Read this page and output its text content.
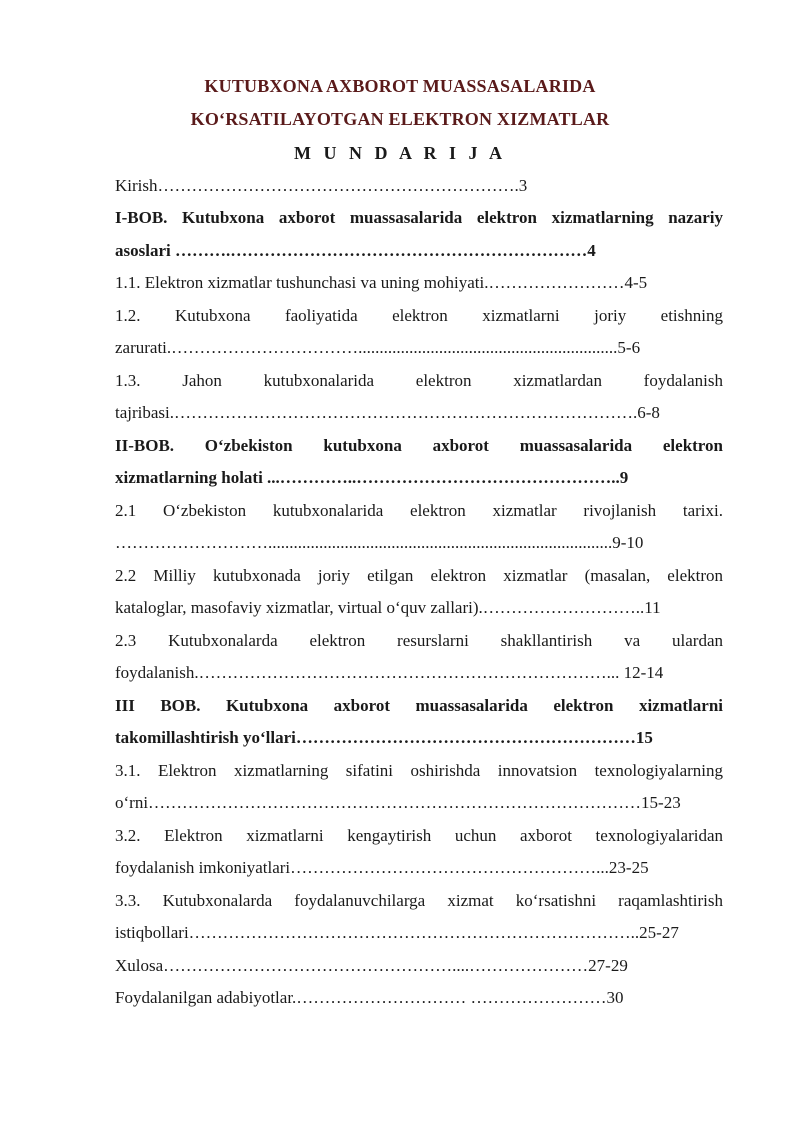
KUTUBXONA AXBOROT MUASSASALARIDA
KO‘RSATILAYOTGAN ELEKTRON XIZMATLAR
M U N D A R I J A
Kirish……………………………………………………….3
I-BOB. Kutubxona axborot muassasalarida elektron xizmatlarning nazariy
asoslari ……….………………………………………………………4
1.1. Elektron xizmatlar tushunchasi va uning mohiyati.……………………4-5
1.2. Kutubxona faoliyatida elektron xizmatlarni joriy etishning
zarurati.…………………………….............................................................5-6
1.3. Jahon kutubxonalarida elektron xizmatlardan foydalanish
tajribasi.……………………………………………………………………….6-8
II-BOB. O‘zbekiston kutubxona axborot muassasalarida elektron
xizmatlarning holati ...…………..………………………………………..9
2.1 O‘zbekiston kutubxonalarida elektron xizmatlar rivojlanish tarixi.
……………………….................................................................................9-10
2.2 Milliy kutubxonada joriy etilgan elektron xizmatlar (masalan, elektron
kataloglar, masofaviy xizmatlar, virtual o‘quv zallari).………………………..11
2.3 Kutubxonalarda elektron resurslarni shakllantirish va ulardan
foydalanish.………………………………………………………………... 12-14
III BOB. Kutubxona axborot muassasalarida elektron xizmatlarni
takomillashtirish yo‘llari……………………………………………………15
3.1. Elektron xizmatlarning sifatini oshirishda innovatsion texnologiyalarning
o‘rni……………………………………………………………………………15-23
3.2. Elektron xizmatlarni kengaytirish uchun axborot texnologiyalaridan
foydalanish imkoniyatlari………………………………………………...23-25
3.3. Kutubxonalarda foydalanuvchilarga xizmat ko‘rsatishni raqamlashtirish
istiqbollari……………………………………………………………………..25-27
Xulosa……………………………………………....…………………27-29
Foydalanilgan adabiyotlar.………………………… ……………………30
